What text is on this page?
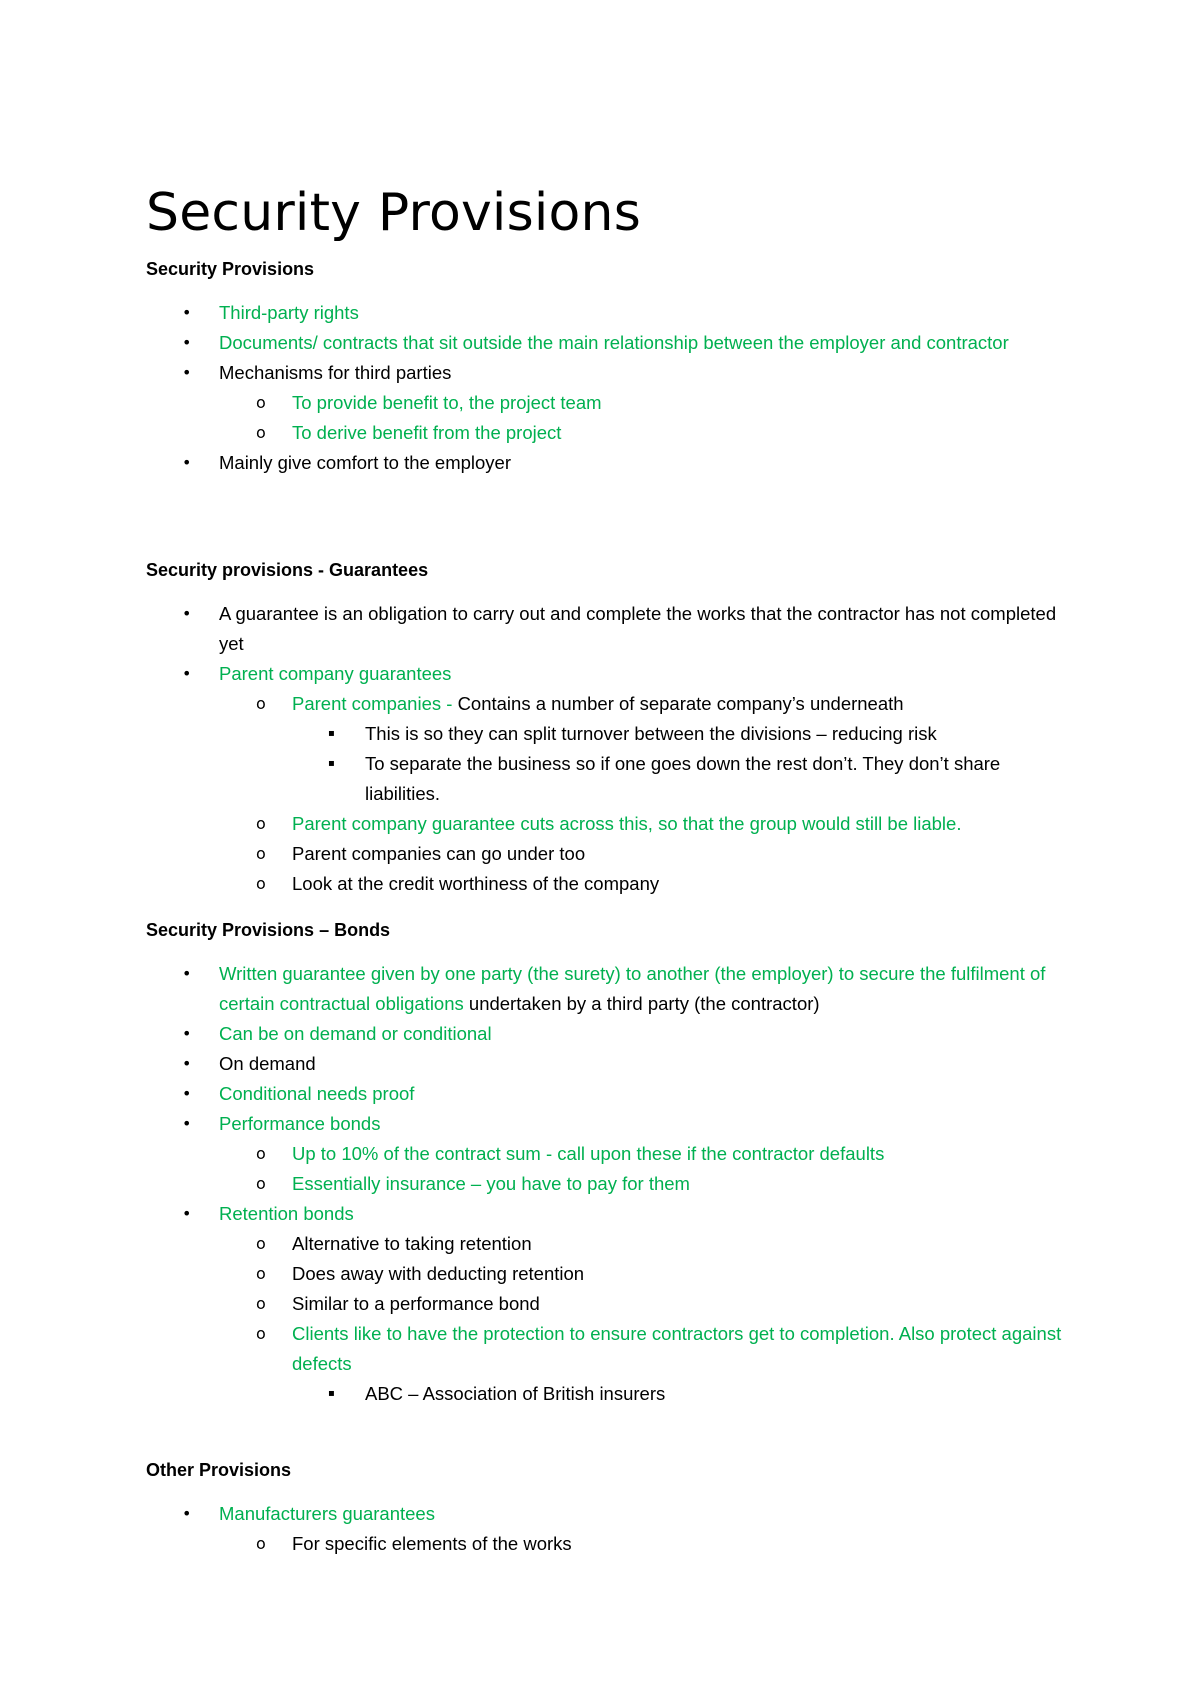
Security Provisions
Security Provisions
•	Third-party rights
•	Documents/ contracts that sit outside the main relationship between the employer and contractor
•	Mechanisms for third parties
o	To provide benefit to, the project team
o	To derive benefit from the project
•	Mainly give comfort to the employer
Security provisions - Guarantees
•	A guarantee is an obligation to carry out and complete the works that the contractor has not completed yet
•	Parent company guarantees
o	Parent companies - Contains a number of separate company’s underneath
▪	This is so they can split turnover between the divisions – reducing risk
▪	To separate the business so if one goes down the rest don’t. They don’t share liabilities.
o	Parent company guarantee cuts across this, so that the group would still be liable.
o	Parent companies can go under too
o	Look at the credit worthiness of the company
Security Provisions – Bonds
•	Written guarantee given by one party (the surety) to another (the employer) to secure the fulfilment of certain contractual obligations undertaken by a third party (the contractor)
•	Can be on demand or conditional
•	On demand
•	Conditional needs proof
•	Performance bonds
o	Up to 10% of the contract sum - call upon these if the contractor defaults
o	Essentially insurance – you have to pay for them
•	Retention bonds
o	Alternative to taking retention
o	Does away with deducting retention
o	Similar to a performance bond
o	Clients like to have the protection to ensure contractors get to completion. Also protect against defects
▪	ABC – Association of British insurers
Other Provisions
•	Manufacturers guarantees
o	For specific elements of the works
